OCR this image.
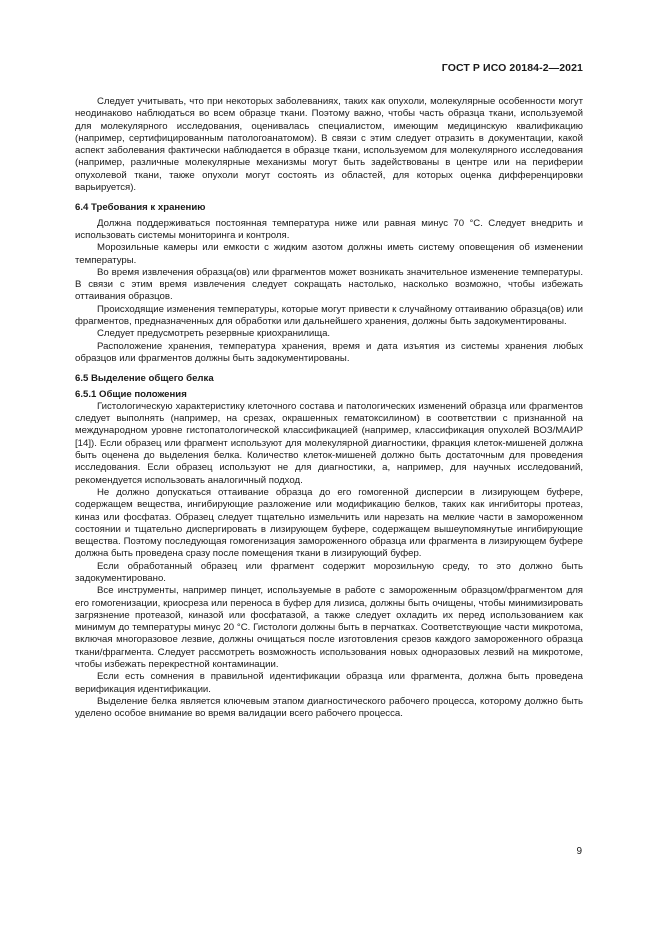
ГОСТ Р ИСО 20184-2—2021

Следует учитывать, что при некоторых заболеваниях, таких как опухоли, молекулярные особенности могут неодинаково наблюдаться во всем образце ткани. Поэтому важно, чтобы часть образца ткани, используемой для молекулярного исследования, оценивалась специалистом, имеющим медицинскую квалификацию (например, сертифицированным патологоанатомом). В связи с этим следует отразить в документации, какой аспект заболевания фактически наблюдается в образце ткани, используемом для молекулярного исследования (например, различные молекулярные механизмы могут быть задействованы в центре или на периферии опухолевой ткани, также опухоли могут состоять из областей, для которых оценка дифференцировки варьируется).

6.4 Требования к хранению

Должна поддерживаться постоянная температура ниже или равная минус 70 °С. Следует внедрить и использовать системы мониторинга и контроля.

Морозильные камеры или емкости с жидким азотом должны иметь систему оповещения об изменении температуры.

Во время извлечения образца(ов) или фрагментов может возникать значительное изменение температуры. В связи с этим время извлечения следует сокращать настолько, насколько возможно, чтобы избежать оттаивания образцов.

Происходящие изменения температуры, которые могут привести к случайному оттаиванию образца(ов) или фрагментов, предназначенных для обработки или дальнейшего хранения, должны быть задокументированы.

Следует предусмотреть резервные криохранилища.

Расположение хранения, температура хранения, время и дата изъятия из системы хранения любых образцов или фрагментов должны быть задокументированы.

6.5 Выделение общего белка
6.5.1 Общие положения

Гистологическую характеристику клеточного состава и патологических изменений образца или фрагментов следует выполнять (например, на срезах, окрашенных гематоксилином) в соответствии с признанной на международном уровне гистопатологической классификацией (например, классификация опухолей ВОЗ/МАИР [14]). Если образец или фрагмент используют для молекулярной диагностики, фракция клеток-мишеней должна быть оценена до выделения белка. Количество клеток-мишеней должно быть достаточным для проведения исследования. Если образец используют не для диагностики, а, например, для научных исследований, рекомендуется использовать аналогичный подход.

Не должно допускаться оттаивание образца до его гомогенной дисперсии в лизирующем буфере, содержащем вещества, ингибирующие разложение или модификацию белков, таких как ингибиторы протеаз, киназ или фосфатаз. Образец следует тщательно измельчить или нарезать на мелкие части в замороженном состоянии и тщательно диспергировать в лизирующем буфере, содержащем вышеупомянутые ингибирующие вещества. Поэтому последующая гомогенизация замороженного образца или фрагмента в лизирующем буфере должна быть проведена сразу после помещения ткани в лизирующий буфер.

Если обработанный образец или фрагмент содержит морозильную среду, то это должно быть задокументировано.

Все инструменты, например пинцет, используемые в работе с замороженным образцом/фрагментом для его гомогенизации, криосреза или переноса в буфер для лизиса, должны быть очищены, чтобы минимизировать загрязнение протеазой, киназой или фосфатазой, а также следует охладить их перед использованием как минимум до температуры минус 20 °С. Гистологи должны быть в перчатках. Соответствующие части микротома, включая многоразовое лезвие, должны очищаться после изготовления срезов каждого замороженного образца ткани/фрагмента. Следует рассмотреть возможность использования новых одноразовых лезвий на микротоме, чтобы избежать перекрестной контаминации.

Если есть сомнения в правильной идентификации образца или фрагмента, должна быть проведена верификация идентификации.

Выделение белка является ключевым этапом диагностического рабочего процесса, которому должно быть уделено особое внимание во время валидации всего рабочего процесса.

9
